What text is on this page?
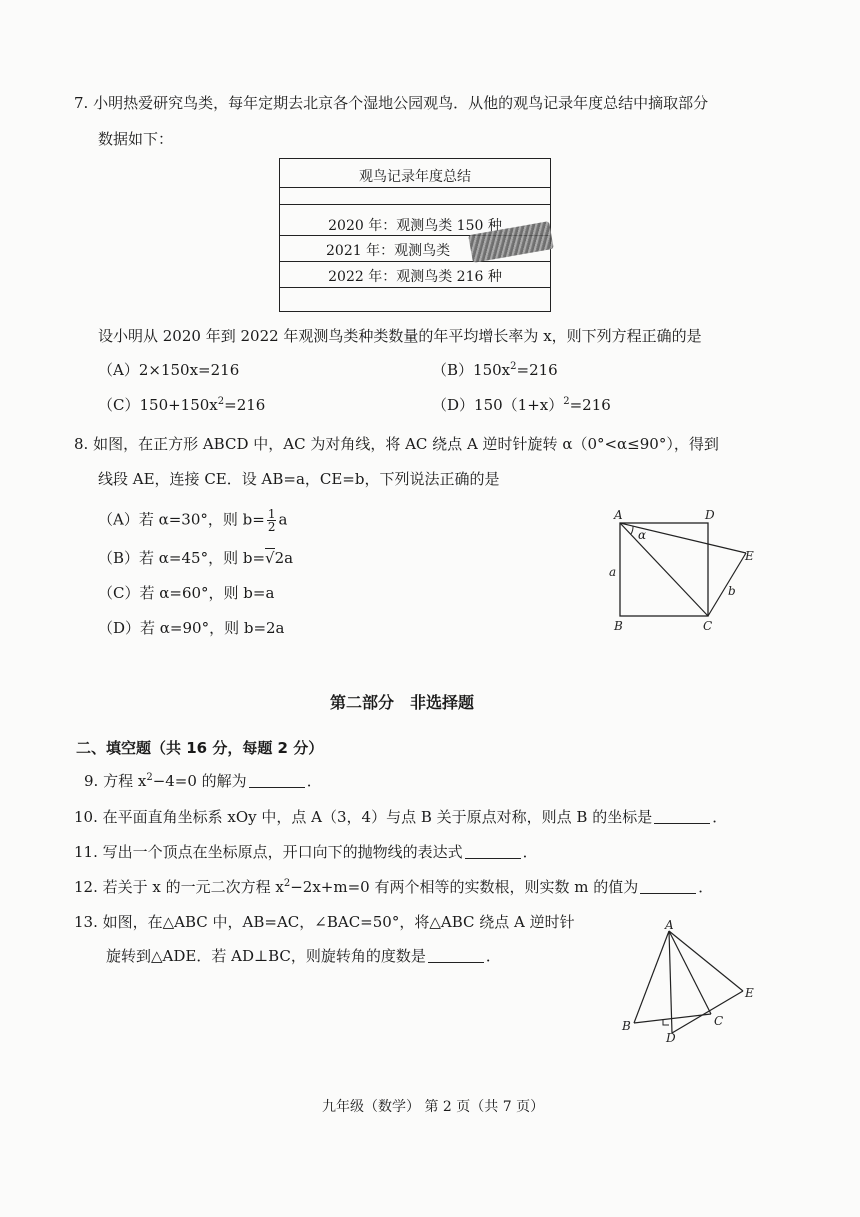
7. 小明热爱研究鸟类，每年定期去北京各个湿地公园观鸟．从他的观鸟记录年度总结中摘取部分
数据如下：
观鸟记录年度总结
2020 年：观测鸟类 150 种
2021 年：观测鸟类
2022 年：观测鸟类 216 种
设小明从 2020 年到 2022 年观测鸟类种类数量的年平均增长率为 x，则下列方程正确的是
（A）2×150x=216	$(B)150x^2=216$
$(C)150+150x^2=216$	$(D)150(1+x)^2=216$
8. 如图，在正方形 ABCD 中，AC 为对角线，将 AC 绕点 A 逆时针旋转 α（0°<α≤90°），得到
线段 AE，连接 CE．设 AB=a，CE=b，下列说法正确的是
（A）若 α=30°，则 $b= \frac{1}{2}$ a
（B）若 α=45°，则 b=√2a
（C）若 α=60°，则 b=a
（D）若 α=90°，则 b=2a
A	D
E
B	C
α
a
b
第二部分　非选择题
二、填空题（共 16 分，每题 2 分）
9. 方程 $x^2-4=0$ 的解为	．
10. 在平面直角坐标系 xOy 中，点 A（3，4）与点 B 关于原点对称，则点 B 的坐标是	．
11. 写出一个顶点在坐标原点，开口向下的抛物线的表达式	．
12. 若关于 x 的一元二次方程 $x^2-2x+m=0$ 有两个相等的实数根，则实数 m 的值为	．
13. 如图，在△ABC 中，AB=AC，∠BAC=50°，将△ABC 绕点 A 逆时针
旋转到△ADE．若 AD⊥BC，则旋转角的度数是	．
A
B	C
D
E
九年级（数学） 第 2 页（共 7 页）
